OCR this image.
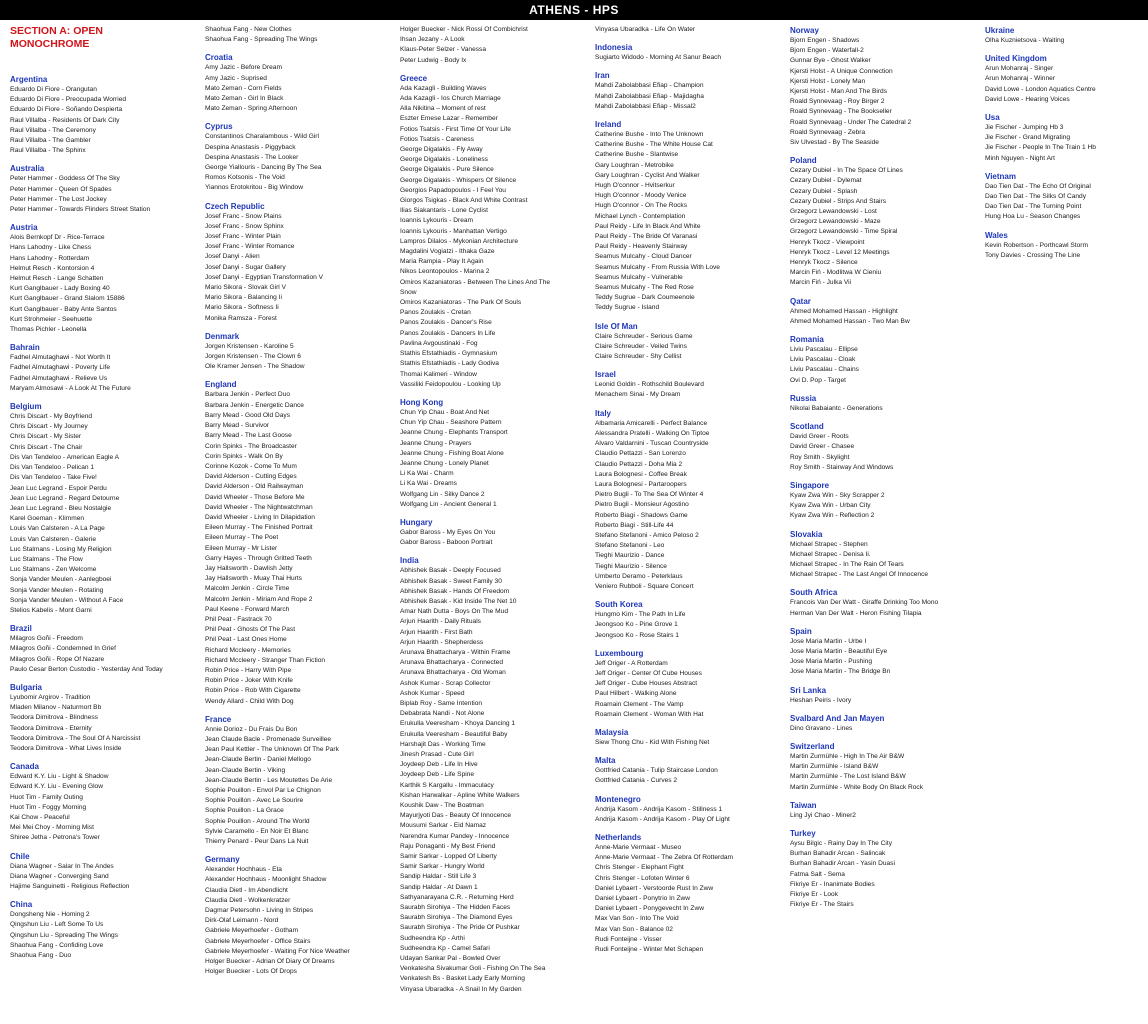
ATHENS - HPS
SECTION A: OPEN MONOCHROME
Argentina
Eduardo Di Fiore - Orangutan
Eduardo Di Fiore - Preocupada Worried
Eduardo Di Fiore - Soñando Despierta
Raul Villalba - Residents Of Dark City
Raul Villalba - The Ceremony
Raul Villalba - The Gambler
Raul Villalba - The Sphinx
Australia
Peter Hammer - Goddess Of The Sky
Peter Hammer - Queen Of Spades
Peter Hammer - The Lost Jockey
Peter Hammer - Towards Flinders Street Station
Austria
Alois Bernkopf Dr - Rice-Terrace
Hans Lahodny - Like Chess
Hans Lahodny - Rotterdam
Helmut Resch - Kontorsion 4
Helmut Resch - Lange Schatten
Kurt Ganglbauer - Lady Boxing 40
Kurt Ganglbauer - Grand Slalom 15886
Kurt Ganglbauer - Baby Ante Santos
Kurt Strohmeier - Seehuette
Thomas Pichler - Leonella
Bahrain
Fadhel Almutaghawi - Not Worth It
Fadhel Almutaghawi - Poverty Life
Fadhel Almutaghawi - Relieve Us
Maryam Almosawi - A Look At The Future
Belgium
Chris Discart - My Boyfriend
Chris Discart - My Journey
Chris Discart - My Sister
Chris Discart - The Chair
Dis Van Tendeloo - American Eagle A
Dis Van Tendeloo - Pelican 1
Dis Van Tendeloo - Take Five!
Jean Luc Legrand - Espoir Perdu
Jean Luc Legrand - Regard Detourne
Jean Luc Legrand - Bleu Nostalgie
Karel Goeman - Klimmen
Louis Van Calsteren - A La Page
Louis Van Calsteren - Galerie
Luc Stalmans - Losing My Religion
Luc Stalmans - The Flow
Luc Stalmans - Zen Welcome
Sonja Vander Meulen - Aanlegboei
Sonja Vander Meulen - Rotating
Sonja Vander Meulen - Without A Face
Stelios Kabelis - Mont Garni
Brazil
Milagros Goñi - Freedom
Milagros Goñi - Condemned In Grief
Milagros Goñi - Rope Of Nazare
Paulo Cesar Berton Custodio - Yesterday And Today
Bulgaria
Lyubomir Argirov - Tradition
Mladen Milanov - Naturmort Bb
Teodora Dimitrova - Blindness
Teodora Dimitrova - Eternity
Teodora Dimitrova - The Soul Of A Narcissist
Teodora Dimitrova - What Lives Inside
Canada
Edward K.Y. Liu - Light & Shadow
Edward K.Y. Liu - Evening Glow
Huot Tim - Family Outing
Huot Tim - Foggy Morning
Kai Chow - Peaceful
Mei Mei Choy - Morning Mist
Shiree Jetha - Petrona's Tower
Chile
Diana Wagner - Salar In The Andes
Diana Wagner - Converging Sand
Hajime Sanguinetti - Religious Reflection
China
Dongsheng Nie - Homing 2
Qingshun Liu - Left Some To Us
Qingshun Liu - Spreading The Wings
Shaohua Fang - Confiding Love
Shaohua Fang - Duo
Shaohua Fang - New Clothes
Shaohua Fang - Spreading The Wings
Croatia
Amy Jazic - Before Dream
Amy Jazic - Suprised
Mato Zeman - Corn Fields
Mato Zeman - Girl In Black
Mato Zeman - Spring Afternoon
Cyprus
Constantinos Charalambous - Wild Girl
Despina Anastasis - Piggyback
Despina Anastasis - The Looker
George Yiallouris - Dancing By The Sea
Romos Kotsonis - The Void
Yiannos Erotokritou - Big Window
Czech Republic
Josef Franc - Snow Plains
Josef Franc - Snow Sphinx
Josef Franc - Winter Plain
Josef Franc - Winter Romance
Josef Danyi - Alien
Josef Danyi - Sugar Gallery
Josef Danyi - Egyptian Transformation V
Mario Sikora - Slovak Girl V
Mario Sikora - Balancing Ii
Mario Sikora - Softness Ii
Monika Ramsza - Forest
Denmark
Jorgen Kristensen - Karoline 5
Jorgen Kristensen - The Clown 6
Ole Kramer Jensen - The Shadow
England
Barbara Jenkin - Perfect Duo
Barbara Jenkin - Energetic Dance
Barry Mead - Good Old Days
Barry Mead - Survivor
Barry Mead - The Last Goose
Corin Spinks - The Broadcaster
Corin Spinks - Walk On By
Corinne Kozok - Come To Mum
David Alderson - Cutting Edges
David Alderson - Old Railwayman
David Wheeler - Those Before Me
David Wheeler - The Nightwatchman
David Wheeler - Living In Dilapidation
Eileen Murray - The Finished Portrait
Eileen Murray - The Poet
Eileen Murray - Mr Lister
Garry Hayes - Through Gritted Teeth
Jay Hallsworth - Dawlish Jetty
Jay Hallsworth - Muay Thai Hurts
Malcolm Jenkin - Circle Time
Malcolm Jenkin - Miriam And Rope 2
Paul Keene - Forward March
Phil Peat - Fastrack 70
Phil Peat - Ghosts Of The Past
Phil Peat - Last Ones Home
Richard Mccleery - Memories
Richard Mccleery - Stranger Than Fiction
Robin Price - Harry With Pipe
Robin Price - Joker With Knife
Robin Price - Rob With Cigarette
Wendy Allard - Child With Dog
France
Annie Dorioz - Du Frais Du Bon
Jean Claude Bacle - Promenade Surveillee
Jean Paul Kettler - The Unknown Of The Park
Jean-Claude Bertin - Daniel Mellogo
Jean-Claude Bertin - Viking
Jean-Claude Bertin - Les Moutettes De Arie
Sophie Pouillon - Envol Par Le Chignon
Sophie Pouillon - Avec Le Sourire
Sophie Pouillon - La Grace
Sophie Pouillon - Around The World
Sylvie Caramello - En Noir Et Blanc
Thierry Penard - Peur Dans La Nuit
Germany
Alexander Hochhaus - Eta
Alexander Hochhaus - Moonlight Shadow
Claudia Dietl - Im Abendlicht
Claudia Dietl - Wolkenkratzer
Dagmar Petersohn - Living In Stripes
Dirk-Olaf Leimann - Nord
Gabriele Meyerhoefer - Gotham
Gabriele Meyerhoefer - Office Stairs
Gabriele Meyerhoefer - Waiting For Nice Weather
Holger Buecker - Adrian Of Diary Of Dreams
Holger Buecker - Lots Of Drops
Holger Buecker - Nick Rossi Of Combichrist
Ihsan Jezany - A Look
Klaus-Peter Selzer - Vanessa
Peter Ludwig - Body Ix
Greece
Ada Kazagli - Building Waves
Ada Kazagli - Ios Church Marriage
Alla Nikitina – Moment of rest
Eszter Emese Lazar - Remember
Fotios Tsatsis - First Time Of Your Life
Fotios Tsatsis - Careness
George Digalakis - Fly Away
George Digalakis - Loneliness
George Digalakis - Pure Silence
George Digalakis - Whispers Of Silence
Georgios Papadopoulos - I Feel You
Giorgos Tsigkas - Black And White Contrast
Ilias Siakantaris - Lone Cyclist
Ioannis Lykouris - Dream
Ioannis Lykouris - Manhattan Vertigo
Lampros Dilalos - Mykonian Architecture
Magdalini Vogiatzi - Ithaka Gaze
Maria Rampia - Play It Again
Nikos Leontopoulos - Marina 2
Omiros Kazaniatoras - Between The Lines And The Snow
Omiros Kazaniatoras - The Park Of Souls
Panos Zoulakis - Cretan
Panos Zoulakis - Dancer's Rise
Panos Zoulakis - Dancers In Life
Pavlina Avgoustinaki - Fog
Stathis Efstathiadis - Gymnasium
Stathis Efstathiadis - Lady Godiva
Thomai Kalimeri - Window
Vassiliki Feidopoulou - Looking Up
Hong Kong
Chun Yip Chau - Boat And Net
Chun Yip Chau - Seashore Pattern
Jeanne Chung - Elephants Transport
Jeanne Chung - Prayers
Jeanne Chung - Fishing Boat Alone
Jeanne Chung - Lonely Planet
Li Ka Wai - Charm
Li Ka Wai - Dreams
Wolfgang Lin - Silky Dance 2
Wolfgang Lin - Ancient General 1
Hungary
Gabor Baross - My Eyes On You
Gabor Baross - Baboon Portrait
India
Abhishek Basak - Deeply Focused
Abhishek Basak - Sweet Family 30
Abhishek Basak - Hands Of Freedom
Abhishek Basak - Kid Inside The Net 10
Amar Nath Dutta - Boys On The Mud
Arjun Haarith - Daily Rituals
Arjun Haarith - First Bath
Arjun Haarith - Shepherdess
Arunava Bhattacharya - Within Frame
Arunava Bhattacharya - Connected
Arunava Bhattacharya - Old Woman
Ashok Kumar - Scrap Collector
Ashok Kumar - Speed
Biplab Roy - Same Intention
Debabrata Nandi - Not Alone
Erukulla Veeresham - Khoya Dancing 1
Erukulla Veeresham - Beautiful Baby
Harshajit Das - Working Time
Jinesh Prasad - Cute Girl
Joydeep Deb - Life In Hive
Joydeep Deb - Life Spine
Karthik S Kargallu - Immaculacy
Kishan Harwalkar - Apline White Walkers
Koushik Daw - The Boatman
Mayurjyoti Das - Beauty Of Innocence
Mousumi Sarkar - Eid Namaz
Narendra Kumar Pandey - Innocence
Raju Ponaganti - My Best Friend
Samir Sarkar - Lopped Of Liberty
Samir Sarkar - Hungry World
Sandip Haldar - Still Life 3
Sandip Haldar - At Dawn 1
Sathyanarayana C.R. - Returning Herd
Saurabh Sirohiya - The Hidden Faces
Saurabh Sirohiya - The Diamond Eyes
Saurabh Sirohiya - The Pride Of Pushkar
Sudheendra Kp - Arthi
Sudheendra Kp - Camel Safari
Udayan Sankar Pal - Bowled Over
Venkatesha Sivakumar Goli - Fishing On The Sea
Venkatesh Bs - Basket Lady Early Morning
Vinyasa Ubaradka - A Snail In My Garden
Vinyasa Ubaradka - Life On Water
Indonesia
Sugiarto Widodo - Morning At Sanur Beach
Iran
Mahdi Zabolabbasi Efiap - Champion
Mahdi Zabolabbasi Efiap - Majidagha
Mahdi Zabolabbasi Efiap - Missal2
Ireland
Catherine Bushe - Into The Unknown
Catherine Bushe - The White House Cat
Catherine Bushe - Slantwise
Gary Loughran - Metrobike
Gary Loughran - Cyclist And Walker
Hugh O'connor - Hvitserkur
Hugh O'connor - Moody Venice
Hugh O'connor - On The Rocks
Michael Lynch - Contemplation
Paul Reidy - Life In Black And White
Paul Reidy - The Bride Of Varanasi
Paul Reidy - Heavenly Stairway
Seamus Mulcahy - Cloud Dancer
Seamus Mulcahy - From Russia With Love
Seamus Mulcahy - Vulnerable
Seamus Mulcahy - The Red Rose
Teddy Sugrue - Dark Coumeenole
Teddy Sugrue - Island
Isle Of Man
Claire Schreuder - Serious Game
Claire Schreuder - Veiled Twins
Claire Schreuder - Shy Cellist
Israel
Leonid Goldin - Rothschild Boulevard
Menachem Sinai - My Dream
Italy
Albamaria Amicarelli - Perfect Balance
Alessandra Pratelli - Walking On Tiptoe
Alvaro Valdarnini - Tuscan Countryside
Claudio Pettazzi - San Lorenzo
Claudio Pettazzi - Doha Mia 2
Laura Bolognesi - Coffee Break
Laura Bolognesi - Partaroopers
Pietro Bugli - To The Sea Of Winter 4
Pietro Bugli - Monsieur Agostino
Roberto Biagi - Shadows Game
Roberto Biagi - Still-Life 44
Stefano Stefanoni - Amico Peloso 2
Stefano Stefanoni - Leo
Tieghi Maurizio - Dance
Tieghi Maurizio - Silence
Umberto Deramo - Peterklaus
Veniero Rubboli - Square Concert
South Korea
Hungmo Kim - The Path In Life
Jeongsoo Ko - Pine Grove 1
Jeongsoo Ko - Rose Stairs 1
Luxembourg
Jeff Origer - A Rotterdam
Jeff Origer - Center Of Cube Houses
Jeff Origer - Cube Houses Abstract
Paul Hilbert - Walking Alone
Roamain Clement - The Vamp
Roamain Clement - Woman With Hat
Malaysia
Siew Thong Chu - Kid With Fishing Net
Malta
Gottfried Catania - Tulip Staircase London
Gottfried Catania - Curves 2
Montenegro
Andrija Kasom - Andrija Kasom - Stillness 1
Andrija Kasom - Andrija Kasom - Play Of Light
Netherlands
Anne-Marie Vermaat - Museo
Anne-Marie Vermaat - The Zebra Of Rotterdam
Chris Stenger - Elephant Fight
Chris Stenger - Lofoten Winter 6
Daniel Lybaert - Verstoorde Rust In Zww
Daniel Lybaert - Ponytrio In Zww
Daniel Lybaert - Ponygevecht In Zww
Max Van Son - Into The Void
Max Van Son - Balance 02
Rudi Fonteijne - Visser
Rudi Fonteijne - Winter Met Schapen
Norway
Bjorn Engen - Shadows
Bjorn Engen - Waterfall-2
Gunnar Bye - Ghost Walker
Kjersti Holst - A Unique Connection
Kjersti Holst - Lonely Man
Kjersti Holst - Man And The Birds
Roald Synnevaag - Roy Birger 2
Roald Synnevaag - The Bookseller
Roald Synnevaag - Under The Catedral 2
Roald Synnevaag - Zebra
Siv Ulvestad - By The Seaside
Poland
Cezary Dubiel - In The Space Of Lines
Cezary Dubiel - Dylemat
Cezary Dubiel - Splash
Cezary Dubiel - Strips And Stairs
Grzegorz Lewandowski - Lost
Grzegorz Lewandowski - Maze
Grzegorz Lewandowski - Time Spiral
Henryk Tkocz - Viewpoint
Henryk Tkocz - Level 12 Meetings
Henryk Tkocz - Silence
Marcin Fiń - Modlitwa W Cieniu
Marcin Fiń - Julka Vii
Qatar
Ahmed Mohamed Hassan - Highlight
Ahmed Mohamed Hassan - Two Man Bw
Romania
Liviu Pascalau - Ellipse
Liviu Pascalau - Cloak
Liviu Pascalau - Chains
Ovi D. Pop - Target
Russia
Nikolai Babaiantc - Generations
Scotland
David Greer - Roots
David Greer - Chasee
Roy Smith - Skylight
Roy Smith - Stairway And Windows
Singapore
Kyaw Zwa Win - Sky Scrapper 2
Kyaw Zwa Win - Urban City
Kyaw Zwa Win - Reflection 2
Slovakia
Michael Strapec - Stephen
Michael Strapec - Denisa Ii.
Michael Strapec - In The Rain Of Tears
Michael Strapec - The Last Angel Of Innocence
South Africa
Francois Van Der Watt - Giraffe Drinking Too Mono
Herman Van Der Walt - Heron Fishing Tilapia
Spain
Jose Maria Martin - Urbe I
Jose Maria Martin - Beautiful Eye
Jose Maria Martin - Pushing
Jose Maria Martin - The Bridge Bn
Sri Lanka
Heshan Peiris - Ivory
Svalbard And Jan Mayen
Dino Gravano - Lines
Switzerland
Martin Zurmühle - High In The Air B&W
Martin Zurmühle - Island B&W
Martin Zurmühle - The Lost Island B&W
Martin Zurmühle - White Body On Black Rock
Taiwan
Ling Jyi Chao - Miner2
Turkey
Aysu Bilgic - Rainy Day In The City
Burhan Bahadir Arcan - Salincak
Burhan Bahadir Arcan - Yasin Duasi
Fatma Salt - Sema
Fikriye Er - Inanimate Bodies
Fikriye Er - Look
Fikriye Er - The Stairs
Ukraine
Olha Kuznietsova - Waiting
United Kingdom
Arun Mohanraj - Singer
Arun Mohanraj - Winner
David Lowe - London Aquatics Centre
David Lowe - Hearing Voices
Usa
Jie Fischer - Jumping Hb 3
Jie Fischer - Grand Migrating
Jie Fischer - People In The Train 1 Hb
Minh Nguyen - Night Art
Vietnam
Dao Tien Dat - The Echo Of Original
Dao Tien Dat - The Silks Of Candy
Dao Tien Dat - The Turning Point
Hung Hoa Lu - Season Changes
Wales
Kevin Robertson - Porthcawl Storm
Tony Davies - Crossing The Line
